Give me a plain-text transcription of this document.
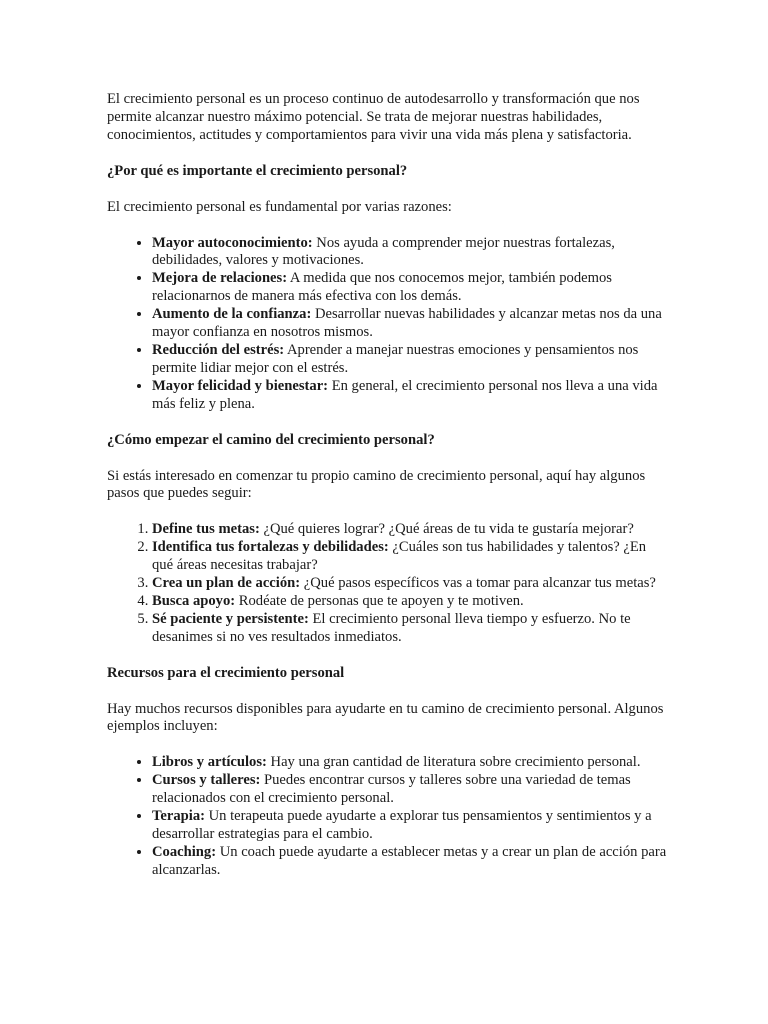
El crecimiento personal es un proceso continuo de autodesarrollo y transformación que nos permite alcanzar nuestro máximo potencial. Se trata de mejorar nuestras habilidades, conocimientos, actitudes y comportamientos para vivir una vida más plena y satisfactoria.

¿Por qué es importante el crecimiento personal?

El crecimiento personal es fundamental por varias razones:

• Mayor autoconocimiento: Nos ayuda a comprender mejor nuestras fortalezas, debilidades, valores y motivaciones.
• Mejora de relaciones: A medida que nos conocemos mejor, también podemos relacionarnos de manera más efectiva con los demás.
• Aumento de la confianza: Desarrollar nuevas habilidades y alcanzar metas nos da una mayor confianza en nosotros mismos.
• Reducción del estrés: Aprender a manejar nuestras emociones y pensamientos nos permite lidiar mejor con el estrés.
• Mayor felicidad y bienestar: En general, el crecimiento personal nos lleva a una vida más feliz y plena.
¿Cómo empezar el camino del crecimiento personal?

Si estás interesado en comenzar tu propio camino de crecimiento personal, aquí hay algunos pasos que puedes seguir:

1. Define tus metas: ¿Qué quieres lograr? ¿Qué áreas de tu vida te gustaría mejorar?
2. Identifica tus fortalezas y debilidades: ¿Cuáles son tus habilidades y talentos? ¿En qué áreas necesitas trabajar?
3. Crea un plan de acción: ¿Qué pasos específicos vas a tomar para alcanzar tus metas?
4. Busca apoyo: Rodéate de personas que te apoyen y te motiven.
5. Sé paciente y persistente: El crecimiento personal lleva tiempo y esfuerzo. No te desanimes si no ves resultados inmediatos.
Recursos para el crecimiento personal

Hay muchos recursos disponibles para ayudarte en tu camino de crecimiento personal. Algunos ejemplos incluyen:

• Libros y artículos: Hay una gran cantidad de literatura sobre crecimiento personal.
• Cursos y talleres: Puedes encontrar cursos y talleres sobre una variedad de temas relacionados con el crecimiento personal.
• Terapia: Un terapeuta puede ayudarte a explorar tus pensamientos y sentimientos y a desarrollar estrategias para el cambio.
• Coaching: Un coach puede ayudarte a establecer metas y a crear un plan de acción para alcanzarlas.
